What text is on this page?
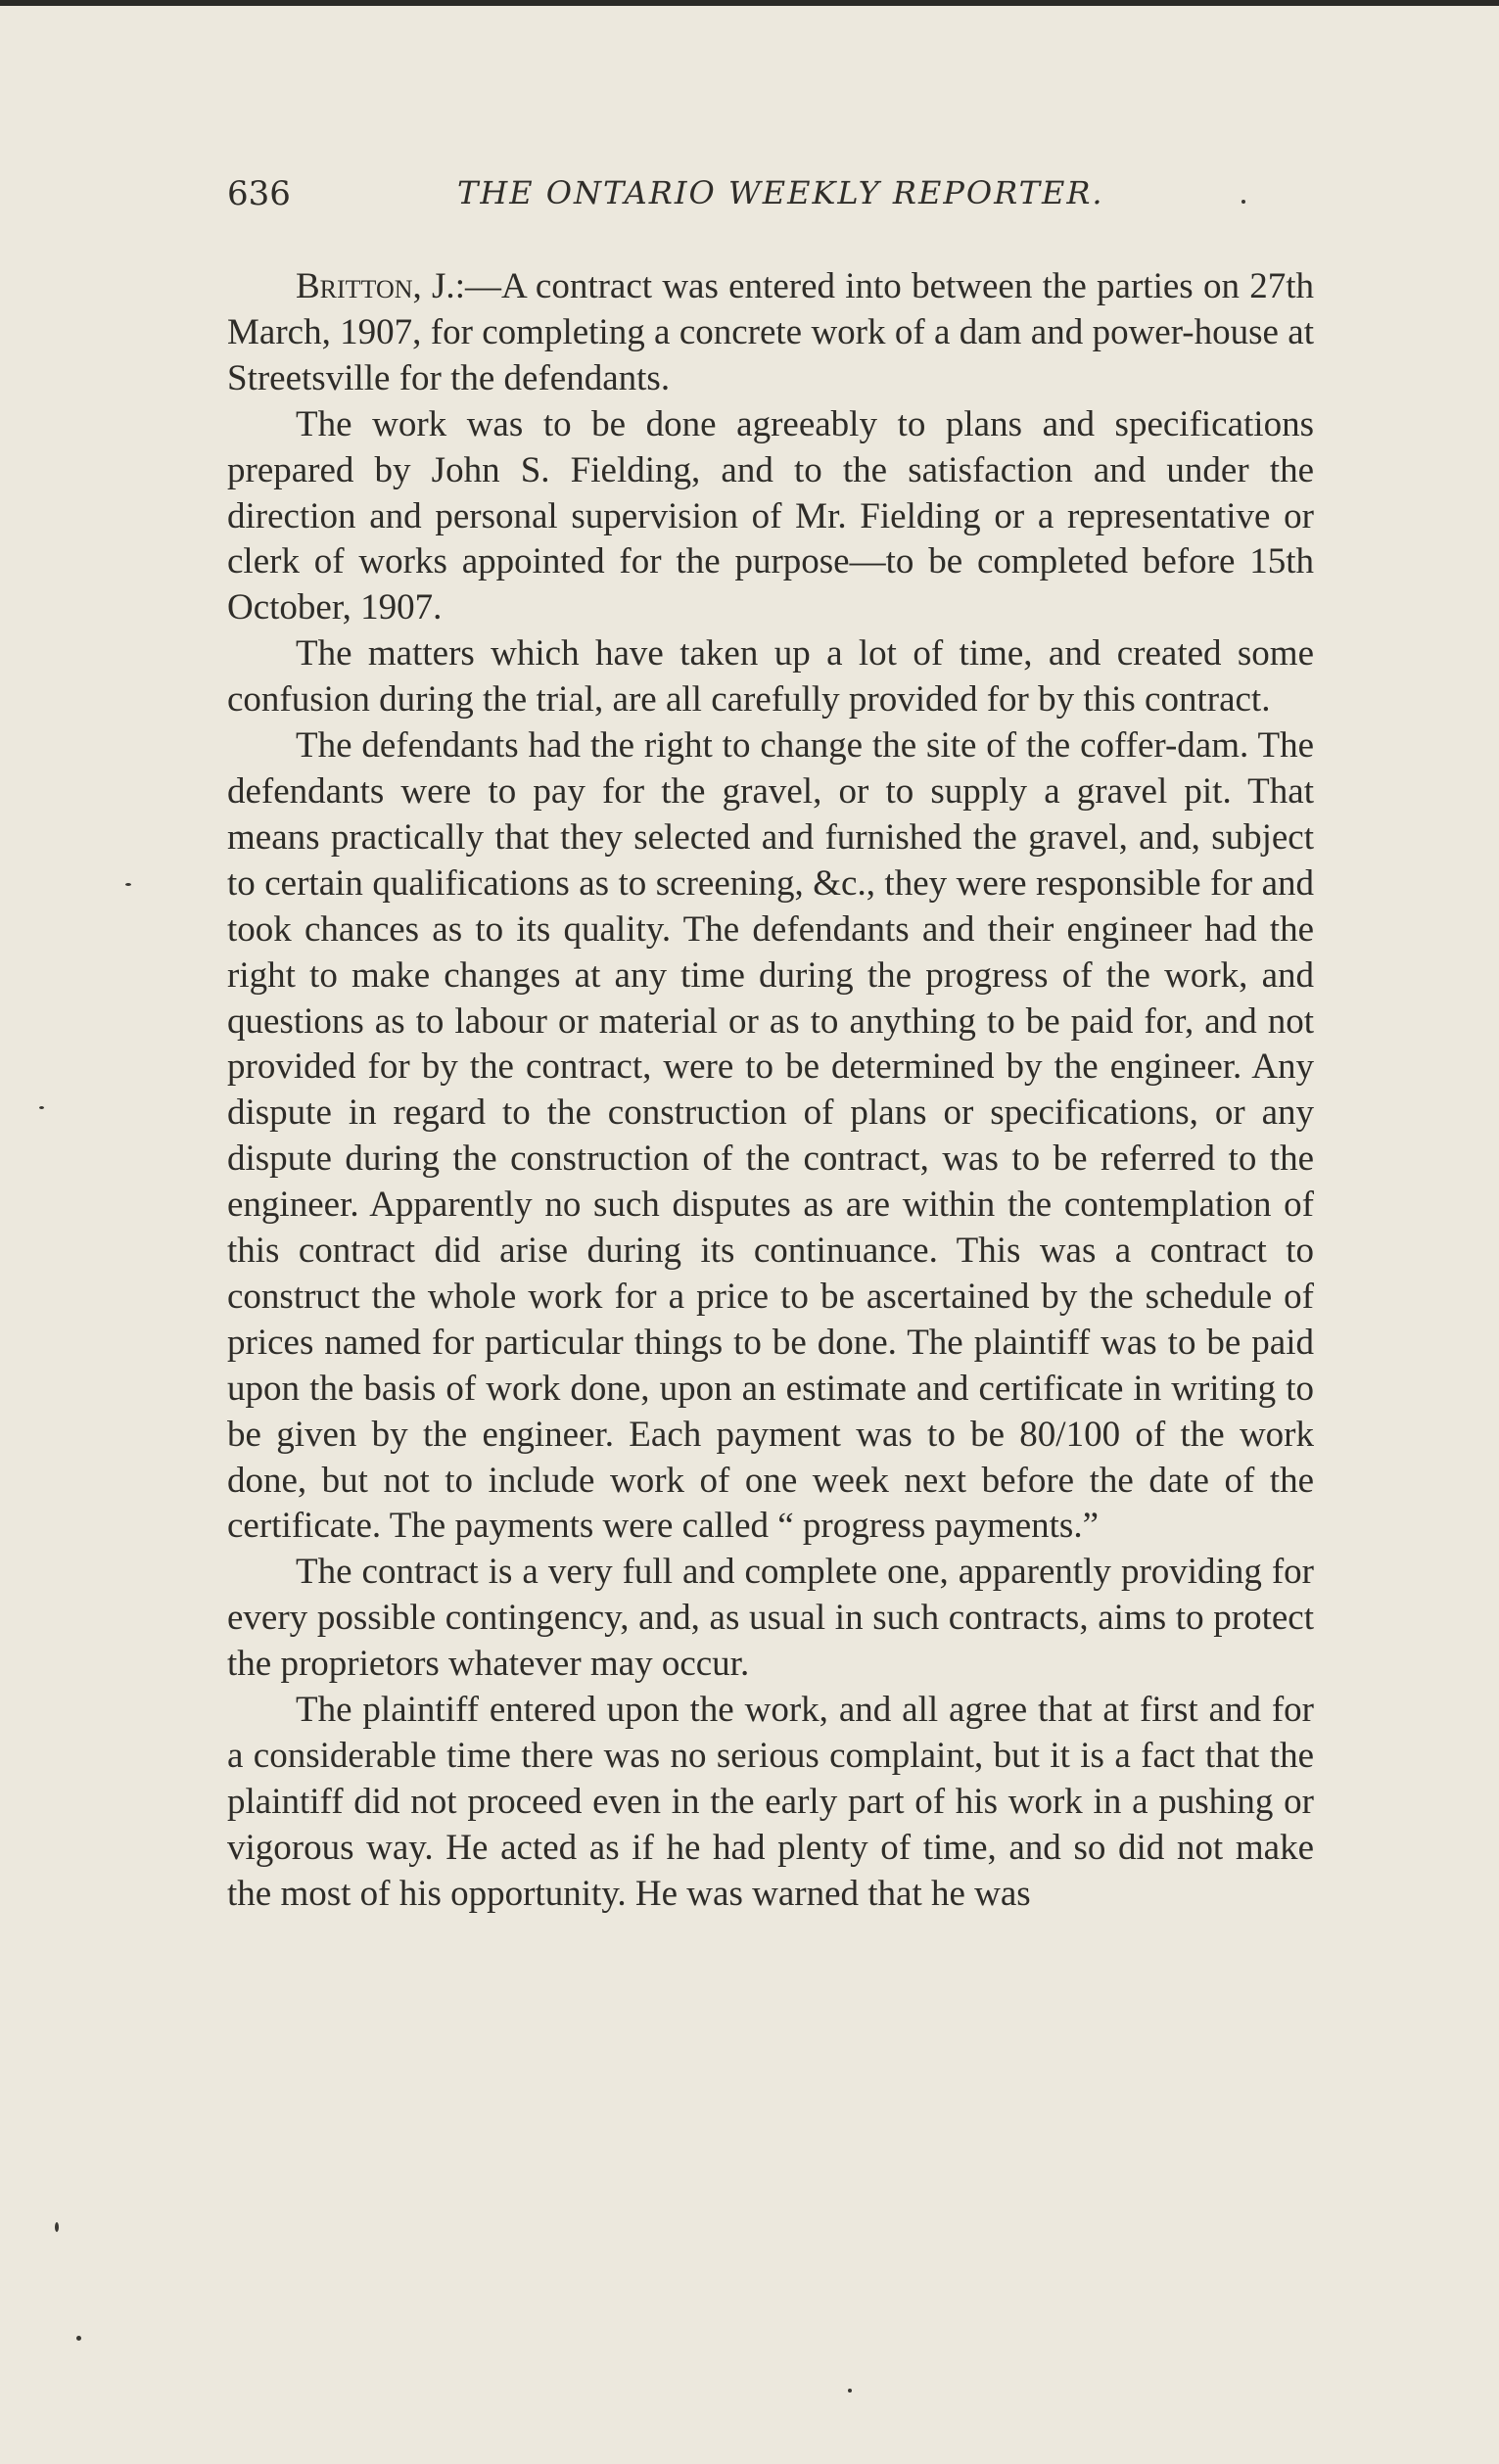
636	THE ONTARIO WEEKLY REPORTER.

Britton, J.:—A contract was entered into between the parties on 27th March, 1907, for completing a concrete work of a dam and power-house at Streetsville for the defendants.

The work was to be done agreeably to plans and specifications prepared by John S. Fielding, and to the satisfaction and under the direction and personal supervision of Mr. Fielding or a representative or clerk of works appointed for the purpose—to be completed before 15th October, 1907.

The matters which have taken up a lot of time, and created some confusion during the trial, are all carefully provided for by this contract.

The defendants had the right to change the site of the coffer-dam. The defendants were to pay for the gravel, or to supply a gravel pit. That means practically that they selected and furnished the gravel, and, subject to certain qualifications as to screening, &c., they were responsible for and took chances as to its quality. The defendants and their engineer had the right to make changes at any time during the progress of the work, and questions as to labour or material or as to anything to be paid for, and not provided for by the contract, were to be determined by the engineer. Any dispute in regard to the construction of plans or specifications, or any dispute during the construction of the contract, was to be referred to the engineer. Apparently no such disputes as are within the contemplation of this contract did arise during its continuance. This was a contract to construct the whole work for a price to be ascertained by the schedule of prices named for particular things to be done. The plaintiff was to be paid upon the basis of work done, upon an estimate and certificate in writing to be given by the engineer. Each payment was to be 80/100 of the work done, but not to include work of one week next before the date of the certificate. The payments were called “ progress payments.”

The contract is a very full and complete one, apparently providing for every possible contingency, and, as usual in such contracts, aims to protect the proprietors whatever may occur.

The plaintiff entered upon the work, and all agree that at first and for a considerable time there was no serious complaint, but it is a fact that the plaintiff did not proceed even in the early part of his work in a pushing or vigorous way. He acted as if he had plenty of time, and so did not make the most of his opportunity. He was warned that he was
